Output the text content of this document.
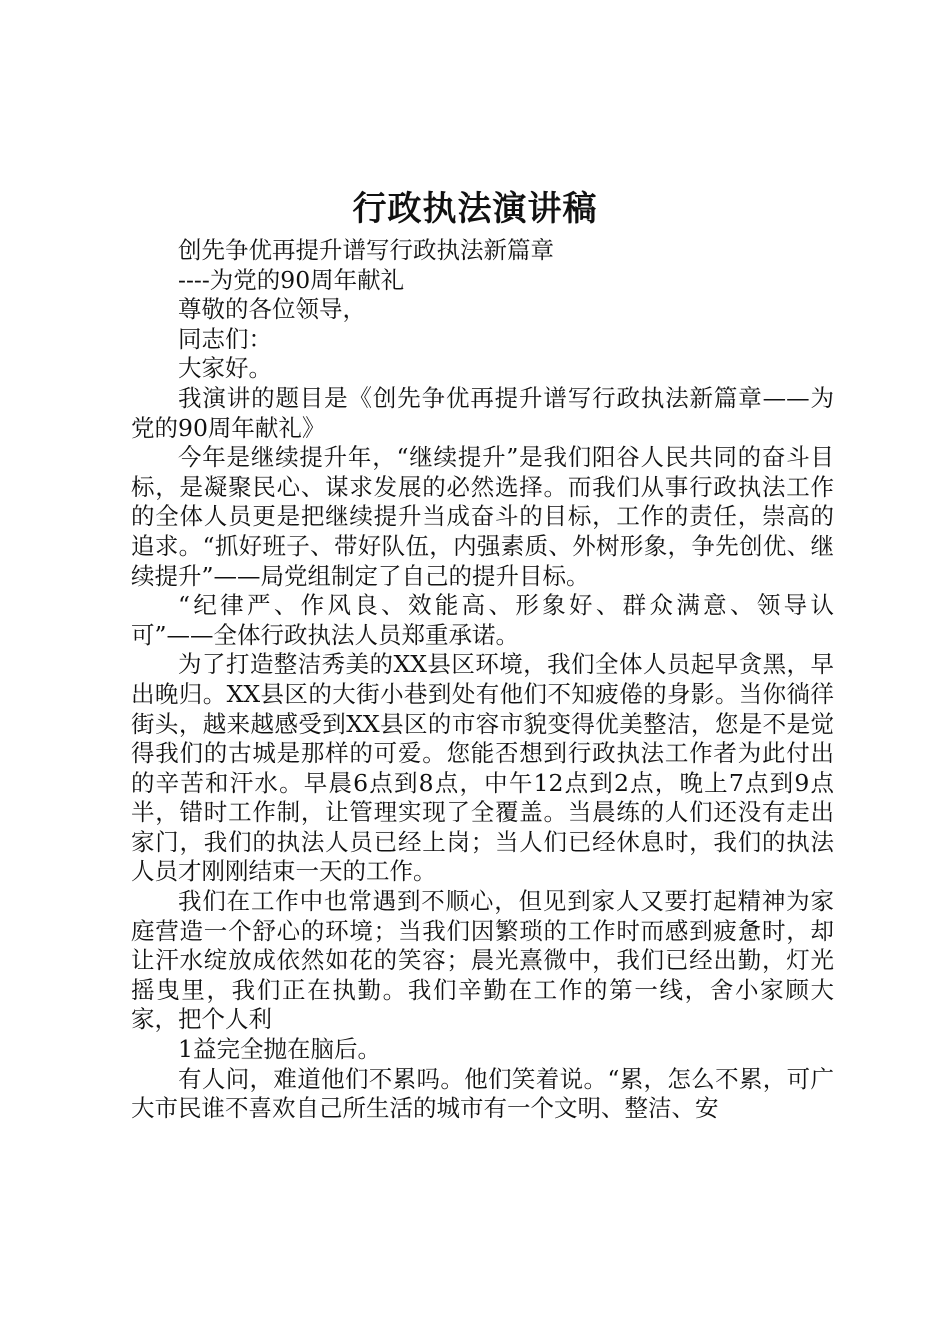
行政执法演讲稿

创先争优再提升谱写行政执法新篇章

----为党的90周年献礼

尊敬的各位领导，

同志们：

大家好。

我演讲的题目是《创先争优再提升谱写行政执法新篇章——为党的90周年献礼》

今年是继续提升年，“继续提升”是我们阳谷人民共同的奋斗目标，是凝聚民心、谋求发展的必然选择。而我们从事行政执法工作的全体人员更是把继续提升当成奋斗的目标，工作的责任，崇高的追求。“抓好班子、带好队伍，内强素质、外树形象，争先创优、继续提升”——局党组制定了自己的提升目标。

“纪律严、作风良、效能高、形象好、群众满意、领导认可”——全体行政执法人员郑重承诺。

为了打造整洁秀美的XX县区环境，我们全体人员起早贪黑，早出晚归。XX县区的大街小巷到处有他们不知疲倦的身影。当你徜徉街头，越来越感受到XX县区的市容市貌变得优美整洁，您是不是觉得我们的古城是那样的可爱。您能否想到行政执法工作者为此付出的辛苦和汗水。早晨6点到8点，中午12点到2点，晚上7点到9点半，错时工作制，让管理实现了全覆盖。当晨练的人们还没有走出家门，我们的执法人员已经上岗；当人们已经休息时，我们的执法人员才刚刚结束一天的工作。

我们在工作中也常遇到不顺心，但见到家人又要打起精神为家庭营造一个舒心的环境；当我们因繁琐的工作时而感到疲惫时，却让汗水绽放成依然如花的笑容；晨光熹微中，我们已经出勤，灯光摇曳里，我们正在执勤。我们辛勤在工作的第一线，舍小家顾大家，把个人利

1益完全抛在脑后。

有人问，难道他们不累吗。他们笑着说。“累，怎么不累，可广大市民谁不喜欢自己所生活的城市有一个文明、整洁、安
